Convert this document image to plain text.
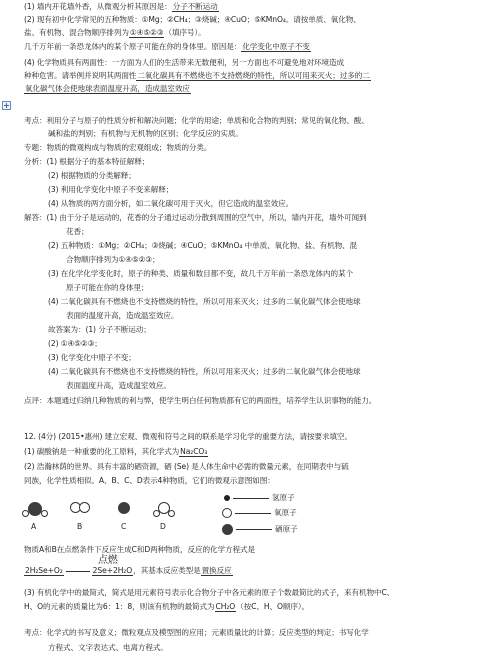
(1) 墙内开花墙外香，从微观分析其原因是：分子不断运动
(2) 现有初中化学常见的五种物质：①Mg；②CH₄；③烧碱；④CuO；⑤KMnO₄。请按单质、氧化物、
盐、有机物、混合物顺序排列为①④⑤②③（填序号）。
几千万年前一条恐龙体内的某个原子可能在你的身体里。原因是：化学变化中原子不变
(4) 化学物质具有两面性：一方面为人们的生活带来无数便利，另一方面也不可避免地对环境造成
种种危害。请举例并说明其两面性二氧化碳具有不燃烧也不支持燃烧的特性，所以可用来灭火；过多的二
氧化碳气体会使地球表面温度升高，造成温室效应
考点：利用分子与原子的性质分析和解决问题；化学的用途；单质和化合物的判别；常见的氧化物、酸、
碱和盐的判别；有机物与无机物的区别；化学反应的实质。
专题：物质的微观构成与物质的宏观组成；物质的分类。
分析：(1) 根据分子的基本特征解释；
(2) 根据物质的分类解释；
(3) 利用化学变化中原子不变来解释；
(4) 从物质的两方面分析，如二氧化碳可用于灭火，但它造成的温室效应。
解答：(1) 由于分子是运动的，花香的分子通过运动分散到周围的空气中，所以，墙内开花，墙外可闻到
花香；
(2) 五种物质：①Mg；②CH₄；③烧碱；④CuO；⑤KMnO₄ 中单质、氧化物、盐、有机物、混
合物顺序排列为①④⑤②③；
(3) 在化学化学变化时，原子的种类、质量和数目都不变，故几千万年前一条恐龙体内的某个
原子可能在你的身体里；
(4) 二氧化碳具有不燃烧也不支持燃烧的特性，所以可用来灭火；过多的二氧化碳气体会使地球
表面的温度升高，造成温室效应。
故答案为：(1) 分子不断运动；
(2) ①④⑤②③；
(3) 化学变化中原子不变；
(4) 二氧化碳具有不燃烧也不支持燃烧的特性，所以可用来灭火；过多的二氧化碳气体会使地球
表面温度升高，造成温室效应。
点评：本题通过归纳几种物质的利与弊，使学生明白任何物质都有它的两面性，培养学生认识事物的能力。
12. (4分) (2015•惠州) 建立宏观、微观和符号之间的联系是学习化学的重要方法，请按要求填空。
(1) 碳酸钠是一种重要的化工原料，其化学式为Na₂CO₃
(2) 浩瀚林荫的世界。具有丰富的硒资源，硒 (Se) 是人体生命中必需的微量元素，在同期表中与硫
同族，化学性质相似。A、B、C、D表示4种物质，它们的微观示意图如图：
A	B	C	D
氢原子
氧原子
硒原子
物质A和B在点燃条件下反应生成C和D两种物质，反应的化学方程式是
点燃
2H₂Se+O₂	2Se+2H₂O，其基本反应类型是置换反应
(3) 有机化学中的最简式，简式是用元素符号表示化合物分子中各元素的原子个数最简比的式子，来有机物中C、
H、O的元素的质量比为6：1：8，则该有机物的最简式为CH₂O（按C、H、O顺序）。
考点：化学式的书写及意义；微粒观点及模型图的应用；元素质量比的计算；反应类型的判定；书写化学
方程式、文字表达式、电离方程式。
